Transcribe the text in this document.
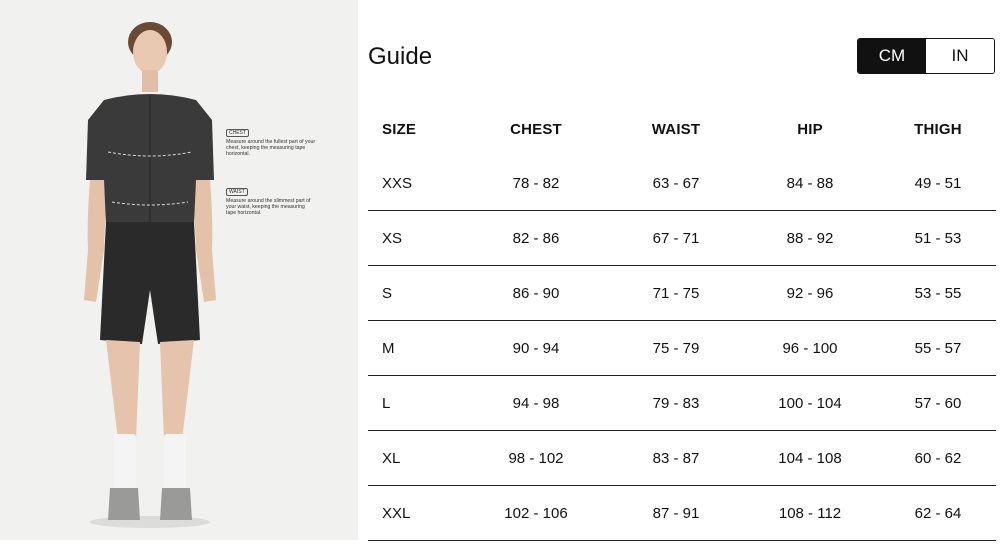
CHEST
Measure around the fullest part of your chest, keeping the measuring tape horizontal.
WAIST
Measure around the slimmest part of your waist, keeping the measuring tape horizontal.
Guide	CM	IN
SIZE	CHEST	WAIST	HIP	THIGH
XXS	78 - 82	63 - 67	84 - 88	49 - 51
XS	82 - 86	67 - 71	88 - 92	51 - 53
S	86 - 90	71 - 75	92 - 96	53 - 55
M	90 - 94	75 - 79	96 - 100	55 - 57
L	94 - 98	79 - 83	100 - 104	57 - 60
XL	98 - 102	83 - 87	104 - 108	60 - 62
XXL	102 - 106	87 - 91	108 - 112	62 - 64
